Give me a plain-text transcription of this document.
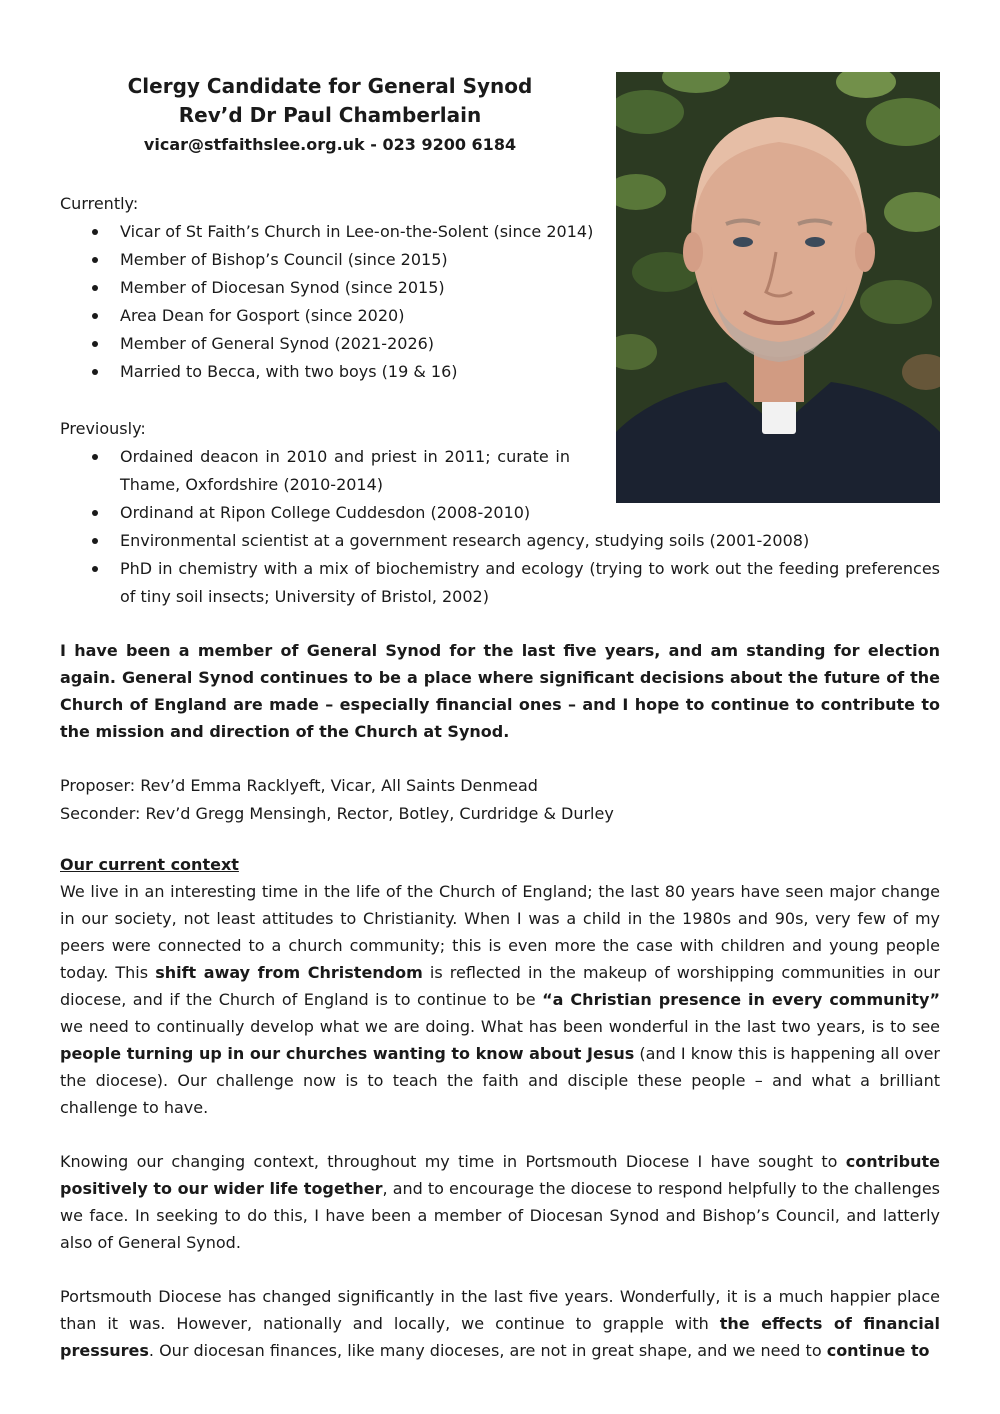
Clergy Candidate for General Synod
Rev’d Dr Paul Chamberlain
vicar@stfaithslee.org.uk - 023 9200 6184
Currently:
Vicar of St Faith’s Church in Lee-on-the-Solent (since 2014)
Member of Bishop’s Council (since 2015)
Member of Diocesan Synod (since 2015)
Area Dean for Gosport (since 2020)
Member of General Synod (2021-2026)
Married to Becca, with two boys (19 & 16)
Previously:
Ordained deacon in 2010 and priest in 2011; curate in Thame, Oxfordshire (2010-2014)
Ordinand at Ripon College Cuddesdon (2008-2010)
Environmental scientist at a government research agency, studying soils (2001-2008)
PhD in chemistry with a mix of biochemistry and ecology (trying to work out the feeding preferences of tiny soil insects; University of Bristol, 2002)

I have been a member of General Synod for the last five years, and am standing for election again. General Synod continues to be a place where significant decisions about the future of the Church of England are made – especially financial ones – and I hope to continue to contribute to the mission and direction of the Church at Synod.

Proposer: Rev’d Emma Racklyeft, Vicar, All Saints Denmead
Seconder: Rev’d Gregg Mensingh, Rector, Botley, Curdridge & Durley
Our current context

We live in an interesting time in the life of the Church of England; the last 80 years have seen major change in our society, not least attitudes to Christianity. When I was a child in the 1980s and 90s, very few of my peers were connected to a church community; this is even more the case with children and young people today. This shift away from Christendom is reflected in the makeup of worshipping communities in our diocese, and if the Church of England is to continue to be “a Christian presence in every community” we need to continually develop what we are doing. What has been wonderful in the last two years, is to see people turning up in our churches wanting to know about Jesus (and I know this is happening all over the diocese). Our challenge now is to teach the faith and disciple these people – and what a brilliant challenge to have.

Knowing our changing context, throughout my time in Portsmouth Diocese I have sought to contribute positively to our wider life together, and to encourage the diocese to respond helpfully to the challenges we face. In seeking to do this, I have been a member of Diocesan Synod and Bishop’s Council, and latterly also of General Synod.

Portsmouth Diocese has changed significantly in the last five years. Wonderfully, it is a much happier place than it was. However, nationally and locally, we continue to grapple with the effects of financial pressures. Our diocesan finances, like many dioceses, are not in great shape, and we need to continue to
